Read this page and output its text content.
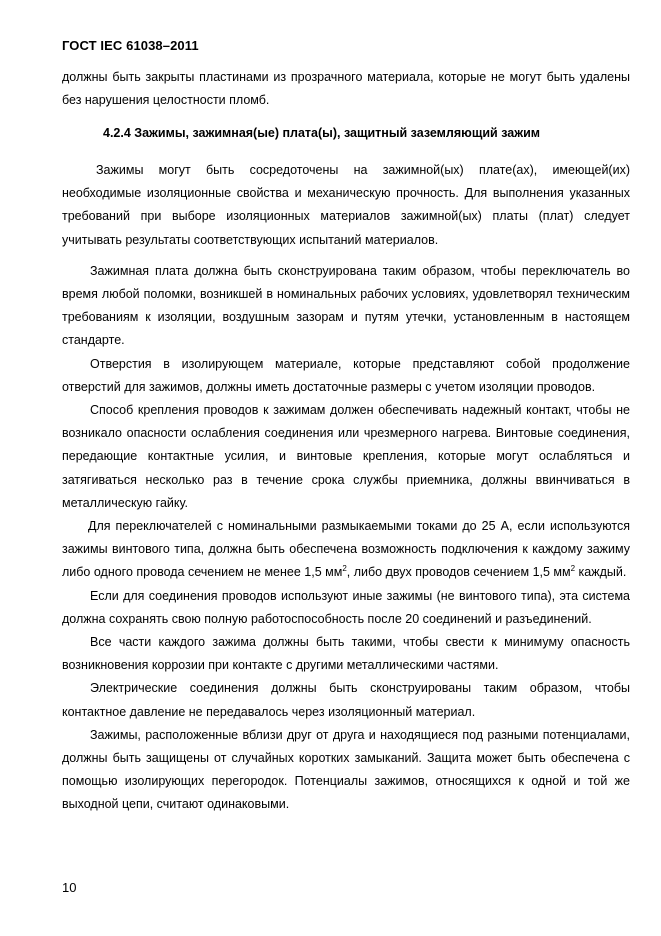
ГОСТ IEC 61038–2011

должны быть закрыты пластинами из прозрачного материала, которые не могут быть удалены без нарушения целостности пломб.

4.2.4 Зажимы, зажимная(ые) плата(ы), защитный заземляющий зажим

Зажимы могут быть сосредоточены на зажимной(ых) плате(ах), имеющей(их) необходимые изоляционные свойства и механическую прочность. Для выполнения указанных требований при выборе изоляционных материалов зажимной(ых) платы (плат) следует учитывать результаты соответствующих испытаний материалов.

Зажимная плата должна быть сконструирована таким образом, чтобы переключатель во время любой поломки, возникшей в номинальных рабочих условиях, удовлетворял техническим требованиям к изоляции, воздушным зазорам и путям утечки, установленным в настоящем стандарте.

Отверстия в изолирующем материале, которые представляют собой продолжение отверстий для зажимов, должны иметь достаточные размеры с учетом изоляции проводов.

Способ крепления проводов к зажимам должен обеспечивать надежный контакт, чтобы не возникало опасности ослабления соединения или чрезмерного нагрева. Винтовые соединения, передающие контактные усилия, и винтовые крепления, которые могут ослабляться и затягиваться несколько раз в течение срока службы приемника, должны ввинчиваться в металлическую гайку.

Для переключателей с номинальными размыкаемыми токами до 25 А, если используются зажимы винтового типа, должна быть обеспечена возможность подключения к каждому зажиму либо одного провода сечением не менее 1,5 $мм^2$, либо двух проводов сечением 1,5 $мм^2$ каждый.

Если для соединения проводов используют иные зажимы (не винтового типа), эта система должна сохранять свою полную работоспособность после 20 соединений и разъединений.

Все части каждого зажима должны быть такими, чтобы свести к минимуму опасность возникновения коррозии при контакте с другими металлическими частями.

Электрические соединения должны быть сконструированы таким образом, чтобы контактное давление не передавалось через изоляционный материал.

Зажимы, расположенные вблизи друг от друга и находящиеся под разными потенциалами, должны быть защищены от случайных коротких замыканий. Защита может быть обеспечена с помощью изолирующих перегородок. Потенциалы зажимов, относящихся к одной и той же выходной цепи, считают одинаковыми.

10
